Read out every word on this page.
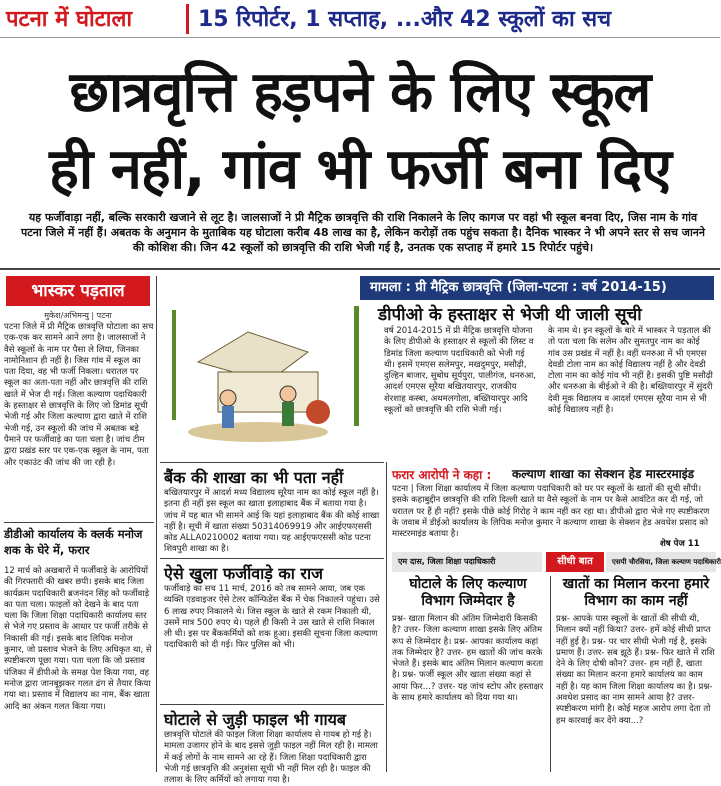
पटना में घोटाला	15 रिपोर्टर, 1 सप्ताह, ...और 42 स्कूलों का सच
छात्रवृत्ति हड़पने के लिए स्कूल
ही नहीं, गांव भी फर्जी बना दिए
यह फर्जीवाड़ा नहीं, बल्कि सरकारी खजाने से लूट है। जालसाजों ने प्री मैट्रिक छात्रवृत्ति की राशि निकालने के लिए कागज पर वहां भी स्कूल बनवा दिए, जिस नाम के गांव पटना जिले में नहीं हैं। अबतक के अनुमान के मुताबिक यह घोटाला करीब 48 लाख का है, लेकिन करोड़ों तक पहुंच सकता है। दैनिक भास्कर ने भी अपने स्तर से सच जानने की कोशिश की। जिन 42 स्कूलों को छात्रवृत्ति की राशि भेजी गई है, उनतक एक सप्ताह में हमारे 15 रिपोर्टर पहुंचे।
भास्कर पड़ताल
मुकेश/अभिमन्यु | पटना
पटना जिले में प्री मैट्रिक छात्रवृत्ति घोटाला का सच एक-एक कर सामने आने लगा है। जालसाजों ने वैसे स्कूलों के नाम पर पैसा ले लिया, जिनका नामोनिशान ही नहीं है। जिस गांव में स्कूल का पता दिया, वह भी फर्जी निकला। धरातल पर स्कूल का अता-पता नहीं और छात्रवृत्ति की राशि खाते में भेज दी गई। जिला कल्याण पदाधिकारी के हस्ताक्षर से छात्रवृत्ति के लिए जो डिमांड सूची भेजी गई और जिला कल्याण द्वारा खाते में राशि भेजी गई, उन स्कूलों की जांच में अबतक बड़े पैमाने पर फर्जीवाड़े का पता चला है। जांच टीम द्वारा प्रखंड स्तर पर एक-एक स्कूल के नाम, पता और एकाउंट की जांच की जा रही है।
डीडीओ कार्यालय के क्लर्क मनोज शक के घेरे में, फरार
12 मार्च को अखबारों में फर्जीवाड़े के आरोपियों की गिरफ्तारी की खबर छपी। इसके बाद जिला कार्यक्रम पदाधिकारी ब्रजनंदन सिंह को फर्जीवाड़े का पता चला। फाइलों को देखने के बाद पता चला कि जिला शिक्षा पदाधिकारी कार्यालय स्तर से भेजे गए प्रस्ताव के आधार पर फर्जी तरीके से निकासी की गई। इसके बाद लिपिक मनोज कुमार, जो प्रस्ताव भेजने के लिए अधिकृत था, से स्पष्टीकरण पूछा गया। पता चला कि जो प्रस्ताव पंजिका में डीपीओ के समक्ष पेश किया गया, वह मनोज द्वारा जानबूझकर गलत ढंग से तैयार किया गया था। प्रस्ताव में विद्यालय का नाम, बैंक खाता आदि का अंकन गलत किया गया।
मामला : प्री मैट्रिक छात्रवृत्ति (जिला-पटना : वर्ष 2014-15)
डीपीओ के हस्ताक्षर से भेजी थी जाली सूची
वर्ष 2014-2015 में प्री मैट्रिक छात्रवृत्ति योजना के लिए डीपीओ के हस्ताक्षर से स्कूलों की लिस्ट व डिमांड जिला कल्याण पदाधिकारी को भेजी गई थी। इसमें एमएस सलेमपुर, मखदुमपुर, मसौढ़ी, दुल्हिन बाजार, सुबोध सूर्यपुरा, पालीगंज, धनरुआ, आदर्श एमएस सूरैया बखितयारपुर, राजकीय शेरशाह कस्बा, अथमलगोला, बख्तियारपुर आदि स्कूलों को छात्रवृत्ति की राशि भेजी गई।
के नाम थे। इन स्कूलों के बारे में भास्कर ने पड़ताल की तो पता चला कि सलेम और सुमतपुर नाम का कोई गांव उस प्रखंड में नहीं है। वहीं धनरुआ में भी एमएस देवडी टोला नाम का कोई विद्यालय नहीं है और देवडी टोला नाम का कोई गांव भी नहीं है। इसकी पुष्टि मसौढ़ी और धनरुआ के बीईओ ने की है। बख्तियारपुर में सुंदरी देवी मूक विद्यालय व आदर्श एमएस सूरैया नाम से भी कोई विद्यालय नहीं है।
बैंक की शाखा का भी पता नहीं
बखितयारपुर में आदर्श मध्य विद्यालय सूरैया नाम का कोई स्कूल नहीं है। इतना ही नहीं इस स्कूल का खाता इलाहाबाद बैंक में बताया गया है। जांच में यह बात भी सामने आई कि यहां इलाहाबाद बैंक की कोई शाखा नहीं है। सूची में खाता संख्या 50314069919 और आईएफएससी कोड ALLA0210002 बताया गया। यह आईएफएससी कोड पटना शिवपुरी शाखा का है।
ऐसे खुला फर्जीवाड़े का राज
फर्जीवाड़े का सच 11 मार्च, 2016 को तब सामने आया, जब एक व्यक्ति एडवाइजर ऐसे टेलर कॉन्फिडेंस बैंक में चेक निकालने पहुंचा। उसे 6 लाख रुपए निकालने थे। जिस स्कूल के खाते से रकम निकाली थी, उसमें मात्र 500 रुपए थे। पहले ही किसी ने उस खाते से राशि निकाल ली थी। इस पर बैंककर्मियों को शक हुआ। इसकी सूचना जिला कल्याण पदाधिकारी को दी गई। फिर पुलिस को भी।
घोटाले से जुड़ी फाइल भी गायब
छात्रवृत्ति घोटाले की फाइल जिला शिक्षा कार्यालय से गायब हो गई है। मामला उजागर होने के बाद इससे जुड़ी फाइल नहीं मिल रही है। मामला में कई लोगों के नाम सामने आ रहे हैं। जिला शिक्षा पदाधिकारी द्वारा भेजी गई छात्रवृत्ति की अनुशंसा सूची भी नहीं मिल रही है। फाइल की तलाश के लिए कर्मियों को लगाया गया है।
फरार आरोपी ने कहा : कल्याण शाखा का सेक्शन हेड मास्टरमाइंड
पटना | जिला शिक्षा कार्यालय में जिला कल्याण पदाधिकारी को घर पर स्कूलों के खातों की सूची सौंपी। इसके कहाबुद्दीन छात्रवृत्ति की राशि दिल्ली खाते या वैसे स्कूलों के नाम पर कैसे आवंटित कर दी गई, जो धरातल पर हैं ही नहीं? इसके पीछे कोई गिरोह ने काम नहीं कर रहा था। डीपीओ द्वारा भेजे गए स्पष्टीकरण के जवाब में डीईओ कार्यालय के लिपिक मनोज कुमार ने कल्याण शाखा के सेक्शन हेड अवधेश प्रसाद को मास्टरमाइंड बताया है।
शेष पेज 11
एम दास, जिला शिक्षा पदाधिकारी	सीधी बात	एसपी चौरसिया, जिला कल्याण पदाधिकारी
घोटाले के लिए कल्याण विभाग जिम्मेदार है
प्रश्न- खाता मिलान की अंतिम जिम्मेदारी किसकी है? उत्तर- जिला कल्याण शाखा इसके लिए अंतिम रूप से जिम्मेदार है। प्रश्न- आपका कार्यालय कहां तक जिम्मेदार है? उत्तर- हम खातों की जांच करके भेजते हैं। इसके बाद अंतिम मिलान कल्याण करता है। प्रश्न- फर्जी स्कूल और खाता संख्या कहां से आया फिर...? उत्तर- यह जांच स्टोप और हस्ताक्षर के साथ हमारे कार्यालय को दिया गया था।
खातों का मिलान करना हमारे विभाग का काम नहीं
प्रश्न- आपके पास स्कूलों के खातों की सीधी थी, मिलान क्यों नहीं किया? उत्तर- हमें कोई सीधी प्राप्त नहीं हुई है। प्रश्न- पर चार सीधी भेजी गई है, इसके प्रमाण हैं। उत्तर- सब झूठे हैं। प्रश्न- फिर खाते में राशि देने के लिए दोषी कौन? उत्तर- हम नहीं हैं, खाता संख्या का मिलान करना हमारे कार्यालय का काम नहीं है। यह काम जिला शिक्षा कार्यालय का है। प्रश्न- अवधेश प्रसाद का नाम सामने आया है? उत्तर- स्पष्टीकरण मांगी है। कोई महज आरोप लगा देता तो हम कारवाई कर देंगे क्या...?
